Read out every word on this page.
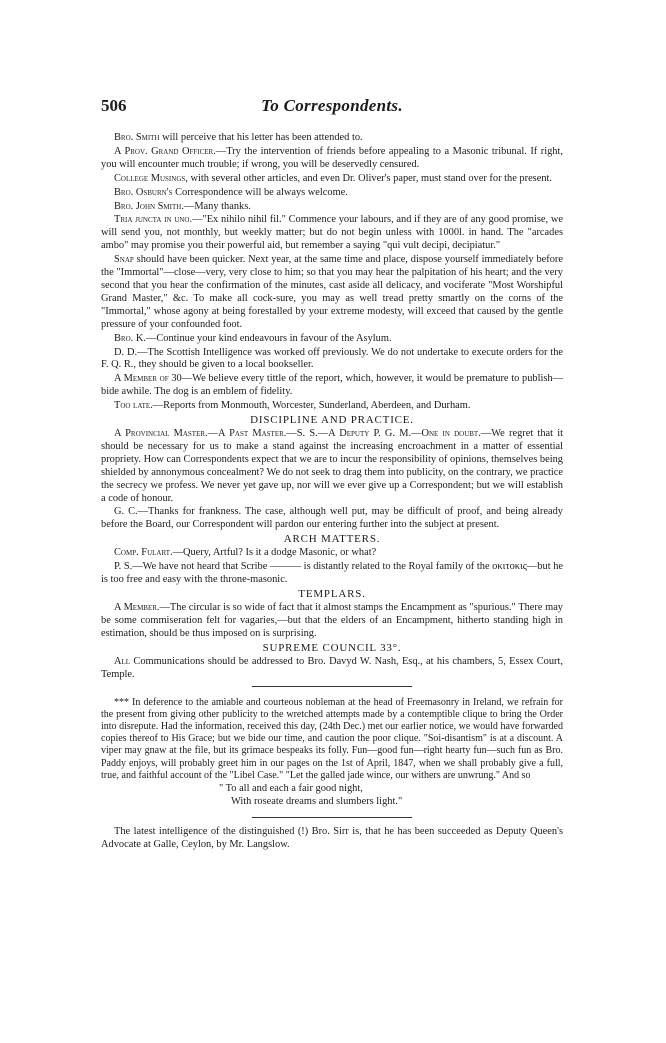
506	To Correspondents.

Bro. Smith will perceive that his letter has been attended to.

A Prov. Grand Officer.—Try the intervention of friends before appealing to a Masonic tribunal. If right, you will encounter much trouble; if wrong, you will be deservedly censured.

College Musings, with several other articles, and even Dr. Oliver's paper, must stand over for the present.

Bro. Osburn's Correspondence will be always welcome.

Bro. John Smith.—Many thanks.

Tria juncta in uno.—"Ex nihilo nihil fil." Commence your labours, and if they are of any good promise, we will send you, not monthly, but weekly matter; but do not begin unless with 1000l. in hand. The "arcades ambo" may promise you their powerful aid, but remember a saying "qui vult decipi, decipiatur."

Snap should have been quicker. Next year, at the same time and place, dispose yourself immediately before the "Immortal"—close—very, very close to him; so that you may hear the palpitation of his heart; and the very second that you hear the confirmation of the minutes, cast aside all delicacy, and vociferate "Most Worshipful Grand Master," &c. To make all cock-sure, you may as well tread pretty smartly on the corns of the "Immortal," whose agony at being forestalled by your extreme modesty, will exceed that caused by the gentle pressure of your confounded foot.

Bro. K.—Continue your kind endeavours in favour of the Asylum.

D. D.—The Scottish Intelligence was worked off previously. We do not undertake to execute orders for the F. Q. R., they should be given to a local bookseller.

A Member of 30—We believe every tittle of the report, which, however, it would be premature to publish—bide awhile. The dog is an emblem of fidelity.

Too late.—Reports from Monmouth, Worcester, Sunderland, Aberdeen, and Durham.

DISCIPLINE AND PRACTICE.

A Provincial Master.—A Past Master.—S. S.—A Deputy P. G. M.—One in doubt.—We regret that it should be necessary for us to make a stand against the increasing encroachment in a matter of essential propriety. How can Correspondents expect that we are to incur the responsibility of opinions, themselves being shielded by annonymous concealment? We do not seek to drag them into publicity, on the contrary, we practice the secrecy we profess. We never yet gave up, nor will we ever give up a Correspondent; but we will establish a code of honour.

G. C.—Thanks for frankness. The case, although well put, may be difficult of proof, and being already before the Board, our Correspondent will pardon our entering further into the subject at present.

ARCH MATTERS.

Comp. Fulart.—Query, Artful? Is it a dodge Masonic, or what?

P. S.—We have not heard that Scribe ——— is distantly related to the Royal family of the οκιτοκις—but he is too free and easy with the throne-masonic.

TEMPLARS.

A Member.—The circular is so wide of fact that it almost stamps the Encampment as "spurious." There may be some commiseration felt for vagaries,—but that the elders of an Encampment, hitherto standing high in estimation, should be thus imposed on is surprising.

SUPREME COUNCIL 33°.

All Communications should be addressed to Bro. Davyd W. Nash, Esq., at his chambers, 5, Essex Court, Temple.

*** In deference to the amiable and courteous nobleman at the head of Freemasonry in Ireland, we refrain for the present from giving other publicity to the wretched attempts made by a contemptible clique to bring the Order into disrepute. Had the information, received this day, (24th Dec.) met our earlier notice, we would have forwarded copies thereof to His Grace; but we bide our time, and caution the poor clique. "Soi-disantism" is at a discount. A viper may gnaw at the file, but its grimace bespeaks its folly. Fun—good fun—right hearty fun—such fun as Bro. Paddy enjoys, will probably greet him in our pages on the 1st of April, 1847, when we shall probably give a full, true, and faithful account of the "Libel Case." "Let the galled jade wince, our withers are unwrung." And so

" To all and each a fair good night,
With roseate dreams and slumbers light."

The latest intelligence of the distinguished (!) Bro. Sirr is, that he has been succeeded as Deputy Queen's Advocate at Galle, Ceylon, by Mr. Langslow.
